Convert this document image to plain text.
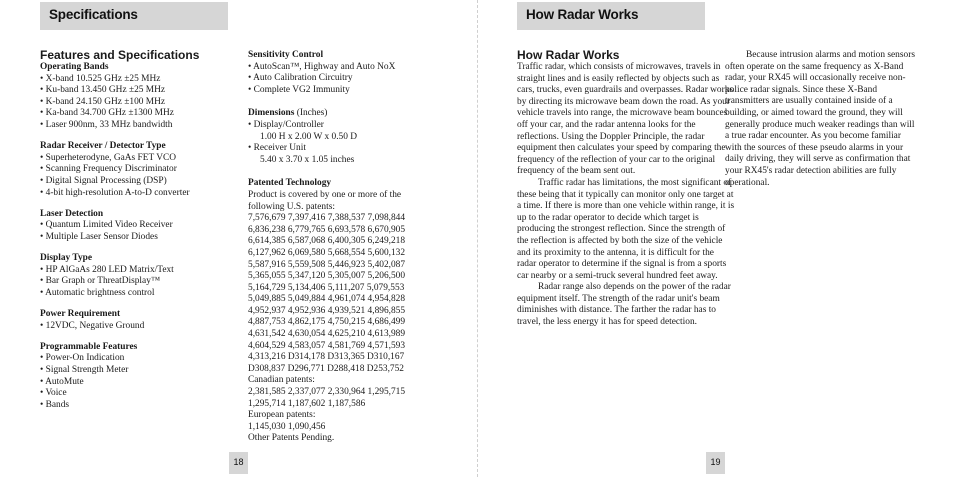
Specifications

Features and Specifications

Operating Bands

• X-band 10.525 GHz ±25 MHz

• Ku-band 13.450 GHz ±25 MHz

• K-band 24.150 GHz ±100 MHz

• Ka-band 34.700 GHz ±1300 MHz

• Laser 900nm, 33 MHz bandwidth

Radar Receiver / Detector Type

• Superheterodyne, GaAs FET VCO

• Scanning Frequency Discriminator

• Digital Signal Processing (DSP)

• 4-bit high-resolution A-to-D converter

Laser Detection

• Quantum Limited Video Receiver

• Multiple Laser Sensor Diodes

Display Type

• HP AlGaAs 280 LED Matrix/Text

• Bar Graph or ThreatDisplay™

• Automatic brightness control

Power Requirement

• 12VDC, Negative Ground

Programmable Features

• Power-On Indication

• Signal Strength Meter

• AutoMute

• Voice

• Bands

Sensitivity Control

• AutoScan™, Highway and Auto NoX

• Auto Calibration Circuitry

• Complete VG2 Immunity

Dimensions (Inches)

• Display/Controller

1.00 H x 2.00 W x 0.50 D

• Receiver Unit

5.40 x 3.70 x 1.05 inches

Patented Technology

Product is covered by one or more of the

following U.S. patents:

7,576,679 7,397,416 7,388,537 7,098,844

6,836,238 6,779,765 6,693,578 6,670,905

6,614,385 6,587,068 6,400,305 6,249,218

6,127,962 6,069,580 5,668,554 5,600,132

5,587,916 5,559,508 5,446,923 5,402,087

5,365,055 5,347,120 5,305,007 5,206,500

5,164,729 5,134,406 5,111,207 5,079,553

5,049,885 5,049,884 4,961,074 4,954,828

4,952,937 4,952,936 4,939,521 4,896,855

4,887,753 4,862,175 4,750,215 4,686,499

4,631,542 4,630,054 4,625,210 4,613,989

4,604,529 4,583,057 4,581,769 4,571,593

4,313,216 D314,178 D313,365 D310,167

D308,837 D296,771 D288,418 D253,752

Canadian patents:

2,381,585 2,337,077 2,330,964 1,295,715

1,295,714 1,187,602 1,187,586

European patents:

1,145,030 1,090,456

Other Patents Pending.

18
How Radar Works

How Radar Works

Traffic radar, which consists of microwaves, travels in straight lines and is easily reflected by objects such as cars, trucks, even guardrails and overpasses. Radar works by directing its microwave beam down the road. As your vehicle travels into range, the microwave beam bounces off your car, and the radar antenna looks for the reflections. Using the Doppler Principle, the radar equipment then calculates your speed by comparing the frequency of the reflection of your car to the original frequency of the beam sent out.

Traffic radar has limitations, the most significant of these being that it typically can monitor only one target at a time. If there is more than one vehicle within range, it is up to the radar operator to decide which target is producing the strongest reflection. Since the strength of the reflection is affected by both the size of the vehicle and its proximity to the antenna, it is difficult for the radar operator to determine if the signal is from a sports car nearby or a semi-truck several hundred feet away.

Radar range also depends on the power of the radar equipment itself. The strength of the radar unit's beam diminishes with distance. The farther the radar has to travel, the less energy it has for speed detection.

Because intrusion alarms and motion sensors often operate on the same frequency as X-Band radar, your RX45 will occasionally receive non-police radar signals. Since these X-Band transmitters are usually contained inside of a building, or aimed toward the ground, they will generally produce much weaker readings than will a true radar encounter. As you become familiar with the sources of these pseudo alarms in your daily driving, they will serve as confirmation that your RX45's radar detection abilities are fully operational.

19
